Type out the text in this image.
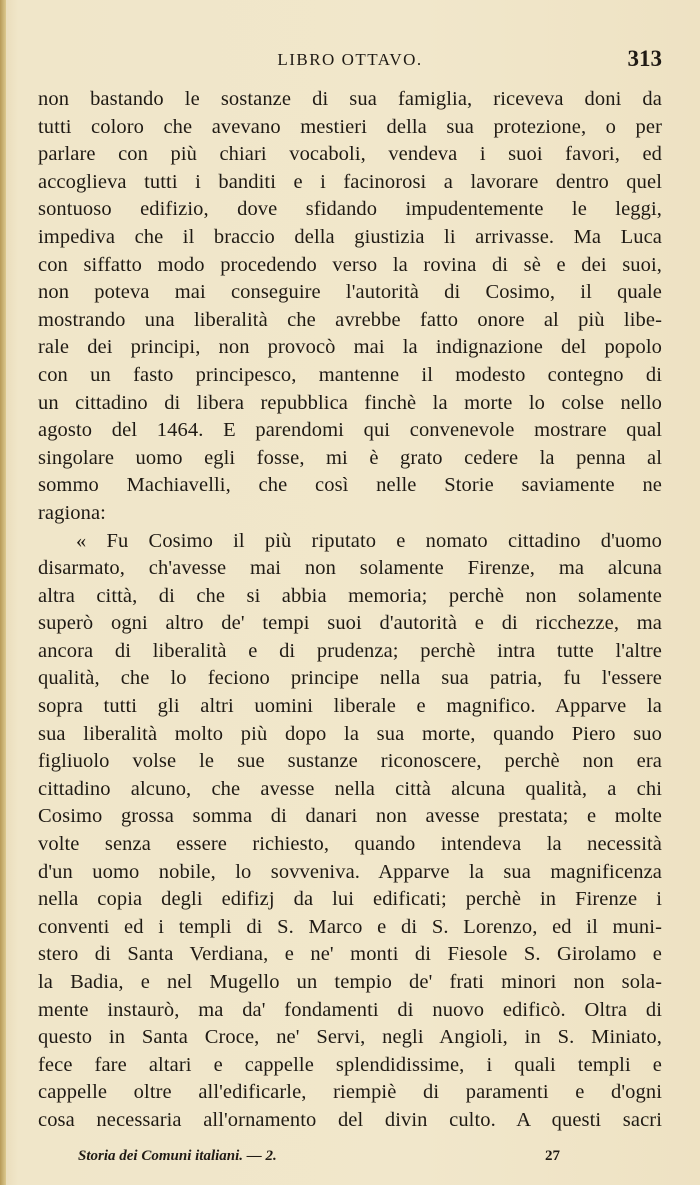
LIBRO OTTAVO.	313
non bastando le sostanze di sua famiglia, riceveva doni da
tutti coloro che avevano mestieri della sua protezione, o per
parlare con più chiari vocaboli, vendeva i suoi favori, ed
accoglieva tutti i banditi e i facinorosi a lavorare dentro quel
sontuoso edifizio, dove sfidando impudentemente le leggi,
impediva che il braccio della giustizia li arrivasse. Ma Luca
con siffatto modo procedendo verso la rovina di sè e dei suoi,
non poteva mai conseguire l'autorità di Cosimo, il quale
mostrando una liberalità che avrebbe fatto onore al più libe-
rale dei principi, non provocò mai la indignazione del popolo
con un fasto principesco, mantenne il modesto contegno di
un cittadino di libera repubblica finchè la morte lo colse nello
agosto del 1464. E parendomi qui convenevole mostrare qual
singolare uomo egli fosse, mi è grato cedere la penna al
sommo Machiavelli, che così nelle Storie saviamente ne
ragiona:
« Fu Cosimo il più riputato e nomato cittadino d'uomo
disarmato, ch'avesse mai non solamente Firenze, ma alcuna
altra città, di che si abbia memoria; perchè non solamente
superò ogni altro de' tempi suoi d'autorità e di ricchezze, ma
ancora di liberalità e di prudenza; perchè intra tutte l'altre
qualità, che lo feciono principe nella sua patria, fu l'essere
sopra tutti gli altri uomini liberale e magnifico. Apparve la
sua liberalità molto più dopo la sua morte, quando Piero suo
figliuolo volse le sue sustanze riconoscere, perchè non era
cittadino alcuno, che avesse nella città alcuna qualità, a chi
Cosimo grossa somma di danari non avesse prestata; e molte
volte senza essere richiesto, quando intendeva la necessità
d'un uomo nobile, lo sovveniva. Apparve la sua magnificenza
nella copia degli edifizj da lui edificati; perchè in Firenze i
conventi ed i templi di S. Marco e di S. Lorenzo, ed il muni-
stero di Santa Verdiana, e ne' monti di Fiesole S. Girolamo e
la Badia, e nel Mugello un tempio de' frati minori non sola-
mente instaurò, ma da' fondamenti di nuovo edificò. Oltra di
questo in Santa Croce, ne' Servi, negli Angioli, in S. Miniato,
fece fare altari e cappelle splendidissime, i quali templi e
cappelle oltre all'edificarle, riempiè di paramenti e d'ogni
cosa necessaria all'ornamento del divin culto. A questi sacri
Storia dei Comuni italiani. — 2.	27
